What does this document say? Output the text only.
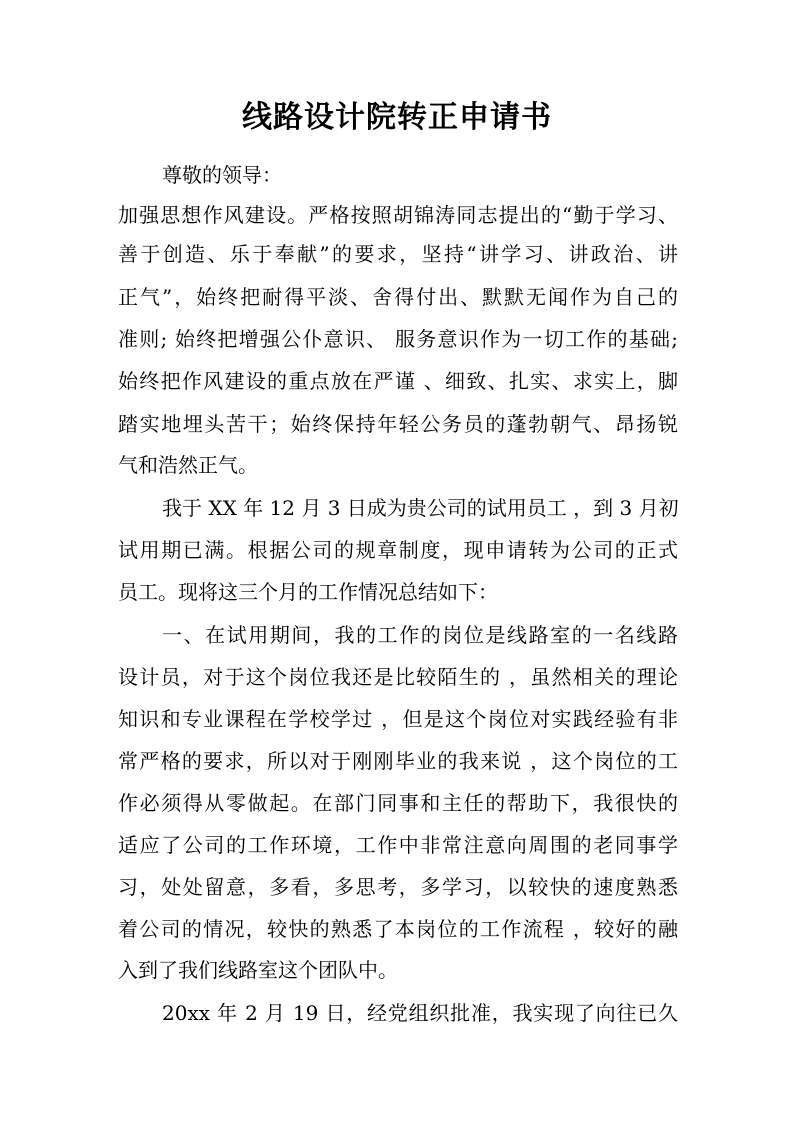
线路设计院转正申请书
尊敬的领导：
加强思想作风建设。严格按照胡锦涛同志提出的“勤于学习、
善于创造、乐于奉献”的要求，坚持“讲学习、讲政治、讲
正气”，始终把耐得平淡、舍得付出、默默无闻作为自己的
准则; 始终把增强公仆意识、 服务意识作为一切工作的基础;
始终把作风建设的重点放在严谨 、细致、扎实、求实上，脚
踏实地埋头苦干；始终保持年轻公务员的蓬勃朝气、昂扬锐
气和浩然正气。
我于 XX 年 12 月 3 日成为贵公司的试用员工 ，到 3 月初
试用期已满。根据公司的规章制度，现申请转为公司的正式
员工。现将这三个月的工作情况总结如下：
一、在试用期间，我的工作的岗位是线路室的一名线路
设计员，对于这个岗位我还是比较陌生的 ，虽然相关的理论
知识和专业课程在学校学过 ，但是这个岗位对实践经验有非
常严格的要求，所以对于刚刚毕业的我来说 ，这个岗位的工
作必须得从零做起。在部门同事和主任的帮助下，我很快的
适应了公司的工作环境，工作中非常注意向周围的老同事学
习，处处留意，多看，多思考，多学习，以较快的速度熟悉
着公司的情况，较快的熟悉了本岗位的工作流程 ，较好的融
入到了我们线路室这个团队中。
20xx 年 2 月 19 日，经党组织批准，我实现了向往已久
